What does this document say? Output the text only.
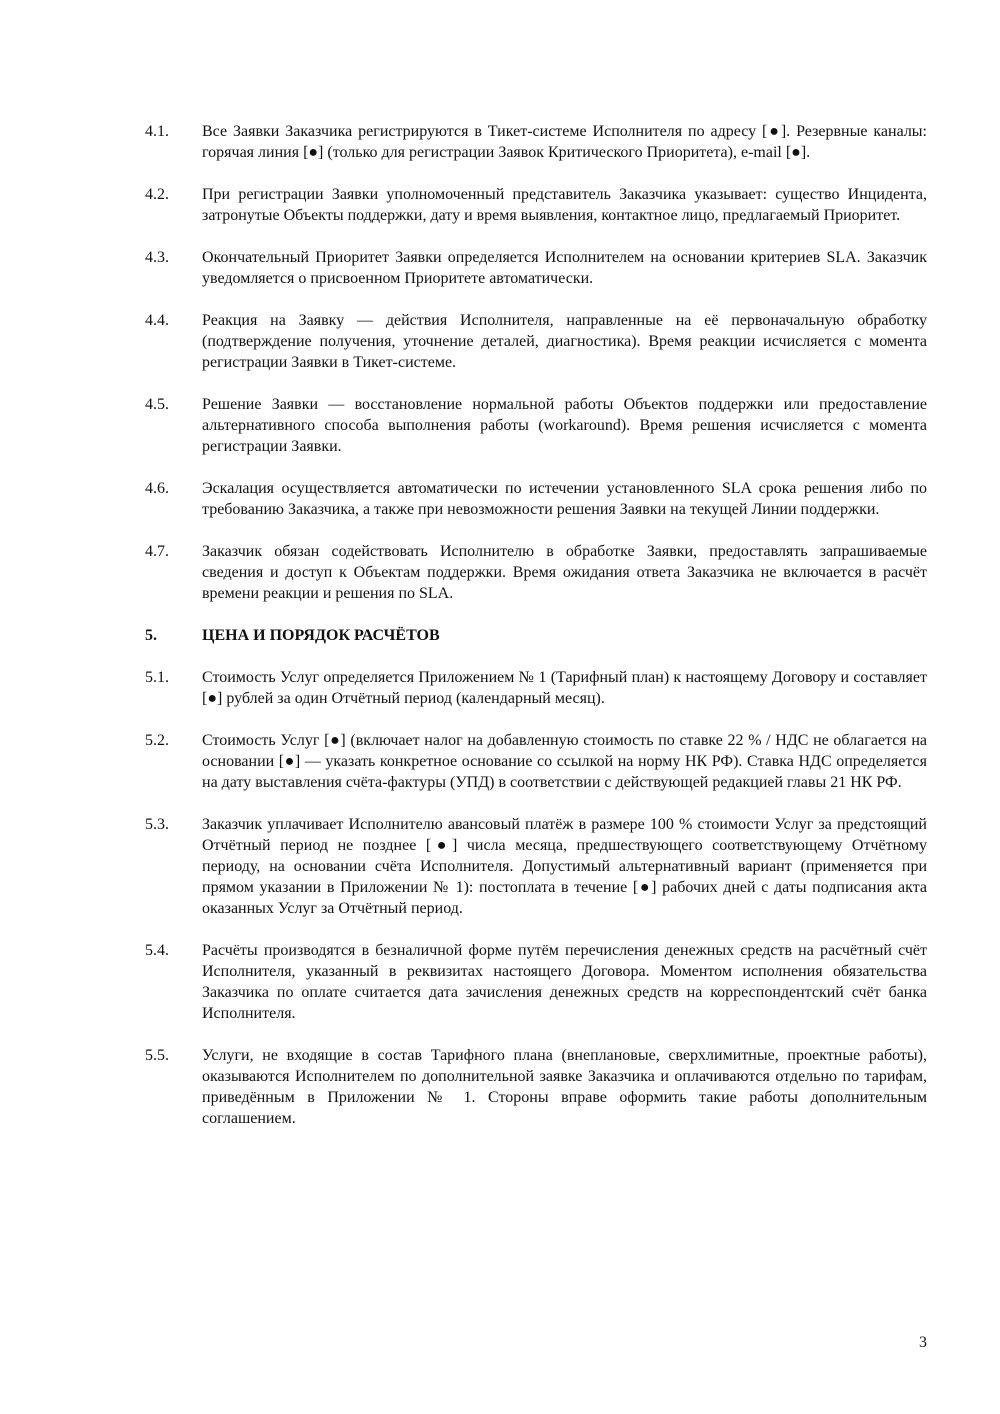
4.1.	Все Заявки Заказчика регистрируются в Тикет-системе Исполнителя по адресу [●]. Резервные каналы: горячая линия [●] (только для регистрации Заявок Критического Приоритета), e-mail [●].
4.2.	При регистрации Заявки уполномоченный представитель Заказчика указывает: существо Инцидента, затронутые Объекты поддержки, дату и время выявления, контактное лицо, предлагаемый Приоритет.
4.3.	Окончательный Приоритет Заявки определяется Исполнителем на основании критериев SLA. Заказчик уведомляется о присвоенном Приоритете автоматически.
4.4.	Реакция на Заявку — действия Исполнителя, направленные на её первоначальную обработку (подтверждение получения, уточнение деталей, диагностика). Время реакции исчисляется с момента регистрации Заявки в Тикет-системе.
4.5.	Решение Заявки — восстановление нормальной работы Объектов поддержки или предоставление альтернативного способа выполнения работы (workaround). Время решения исчисляется с момента регистрации Заявки.
4.6.	Эскалация осуществляется автоматически по истечении установленного SLA срока решения либо по требованию Заказчика, а также при невозможности решения Заявки на текущей Линии поддержки.
4.7.	Заказчик обязан содействовать Исполнителю в обработке Заявки, предоставлять запрашиваемые сведения и доступ к Объектам поддержки. Время ожидания ответа Заказчика не включается в расчёт времени реакции и решения по SLA.
5.	ЦЕНА И ПОРЯДОК РАСЧЁТОВ
5.1.	Стоимость Услуг определяется Приложением № 1 (Тарифный план) к настоящему Договору и составляет [●] рублей за один Отчётный период (календарный месяц).
5.2.	Стоимость Услуг [●] (включает налог на добавленную стоимость по ставке 22 % / НДС не облагается на основании [●] — указать конкретное основание со ссылкой на норму НК РФ). Ставка НДС определяется на дату выставления счёта-фактуры (УПД) в соответствии с действующей редакцией главы 21 НК РФ.
5.3.	Заказчик уплачивает Исполнителю авансовый платёж в размере 100 % стоимости Услуг за предстоящий Отчётный период не позднее [●] числа месяца, предшествующего соответствующему Отчётному периоду, на основании счёта Исполнителя. Допустимый альтернативный вариант (применяется при прямом указании в Приложении № 1): постоплата в течение [●] рабочих дней с даты подписания акта оказанных Услуг за Отчётный период.
5.4.	Расчёты производятся в безналичной форме путём перечисления денежных средств на расчётный счёт Исполнителя, указанный в реквизитах настоящего Договора. Моментом исполнения обязательства Заказчика по оплате считается дата зачисления денежных средств на корреспондентский счёт банка Исполнителя.
5.5.	Услуги, не входящие в состав Тарифного плана (внеплановые, сверхлимитные, проектные работы), оказываются Исполнителем по дополнительной заявке Заказчика и оплачиваются отдельно по тарифам, приведённым в Приложении № 1. Стороны вправе оформить такие работы дополнительным соглашением.
3
